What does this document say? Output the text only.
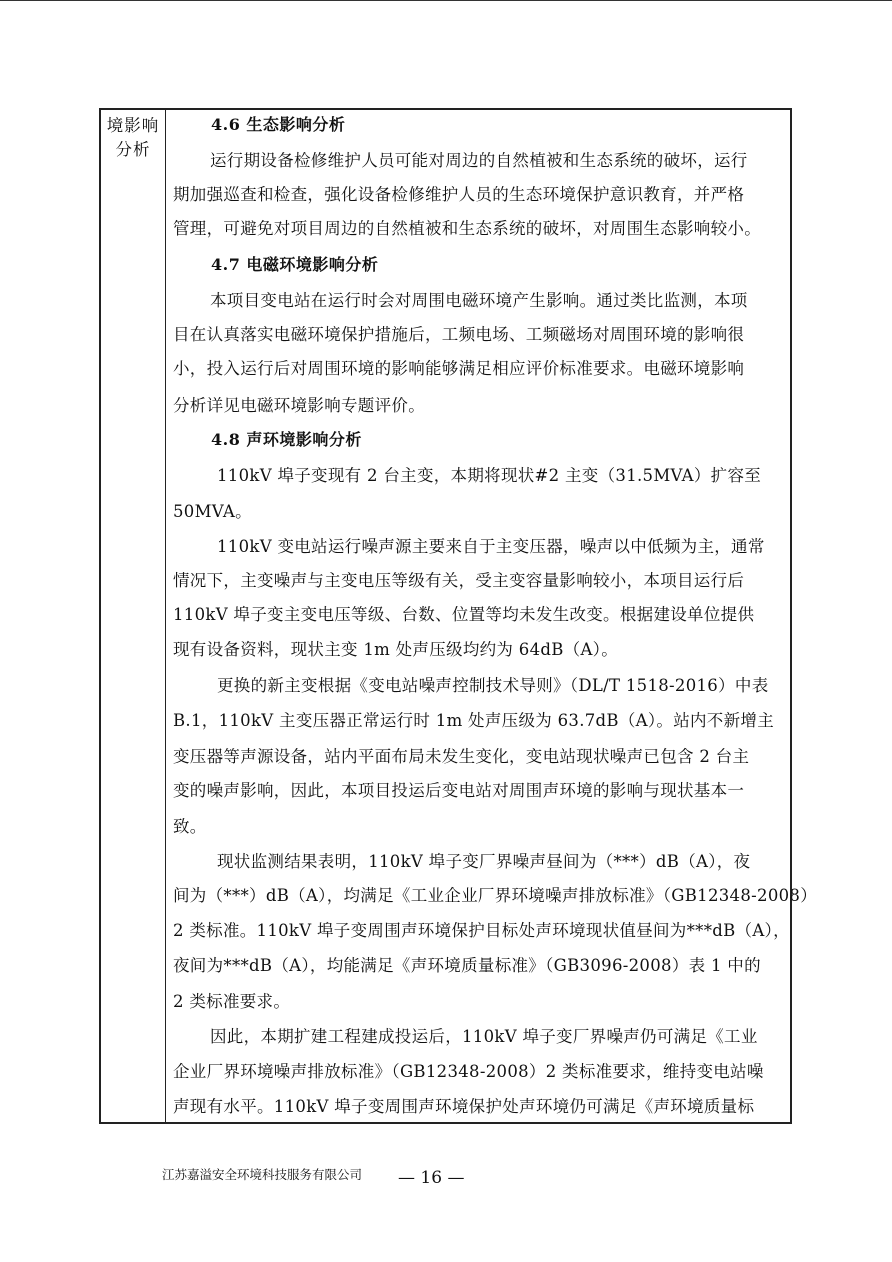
境影响
分析
4.6 生态影响分析
运行期设备检修维护人员可能对周边的自然植被和生态系统的破坏，运行
期加强巡查和检查，强化设备检修维护人员的生态环境保护意识教育，并严格
管理，可避免对项目周边的自然植被和生态系统的破坏，对周围生态影响较小。
4.7 电磁环境影响分析
本项目变电站在运行时会对周围电磁环境产生影响。通过类比监测，本项
目在认真落实电磁环境保护措施后，工频电场、工频磁场对周围环境的影响很
小，投入运行后对周围环境的影响能够满足相应评价标准要求。电磁环境影响
分析详见电磁环境影响专题评价。
4.8 声环境影响分析
110kV 埠子变现有 2 台主变，本期将现状#2 主变（31.5MVA）扩容至
50MVA。
110kV 变电站运行噪声源主要来自于主变压器，噪声以中低频为主，通常
情况下，主变噪声与主变电压等级有关，受主变容量影响较小，本项目运行后
110kV 埠子变主变电压等级、台数、位置等均未发生改变。根据建设单位提供
现有设备资料，现状主变 1m 处声压级均约为 64dB（A）。
更换的新主变根据《变电站噪声控制技术导则》（DL/T 1518-2016）中表
B.1，110kV 主变压器正常运行时 1m 处声压级为 63.7dB（A）。站内不新增主
变压器等声源设备，站内平面布局未发生变化，变电站现状噪声已包含 2 台主
变的噪声影响，因此，本项目投运后变电站对周围声环境的影响与现状基本一
致。
现状监测结果表明，110kV 埠子变厂界噪声昼间为（***）dB（A），夜
间为（***）dB（A），均满足《工业企业厂界环境噪声排放标准》（GB12348-2008）
2 类标准。110kV 埠子变周围声环境保护目标处声环境现状值昼间为***dB（A），
夜间为***dB（A），均能满足《声环境质量标准》（GB3096-2008）表 1 中的
2 类标准要求。
因此，本期扩建工程建成投运后，110kV 埠子变厂界噪声仍可满足《工业
企业厂界环境噪声排放标准》（GB12348-2008）2 类标准要求，维持变电站噪
声现有水平。110kV 埠子变周围声环境保护处声环境仍可满足《声环境质量标
江苏嘉溢安全环境科技服务有限公司 — 16 —
